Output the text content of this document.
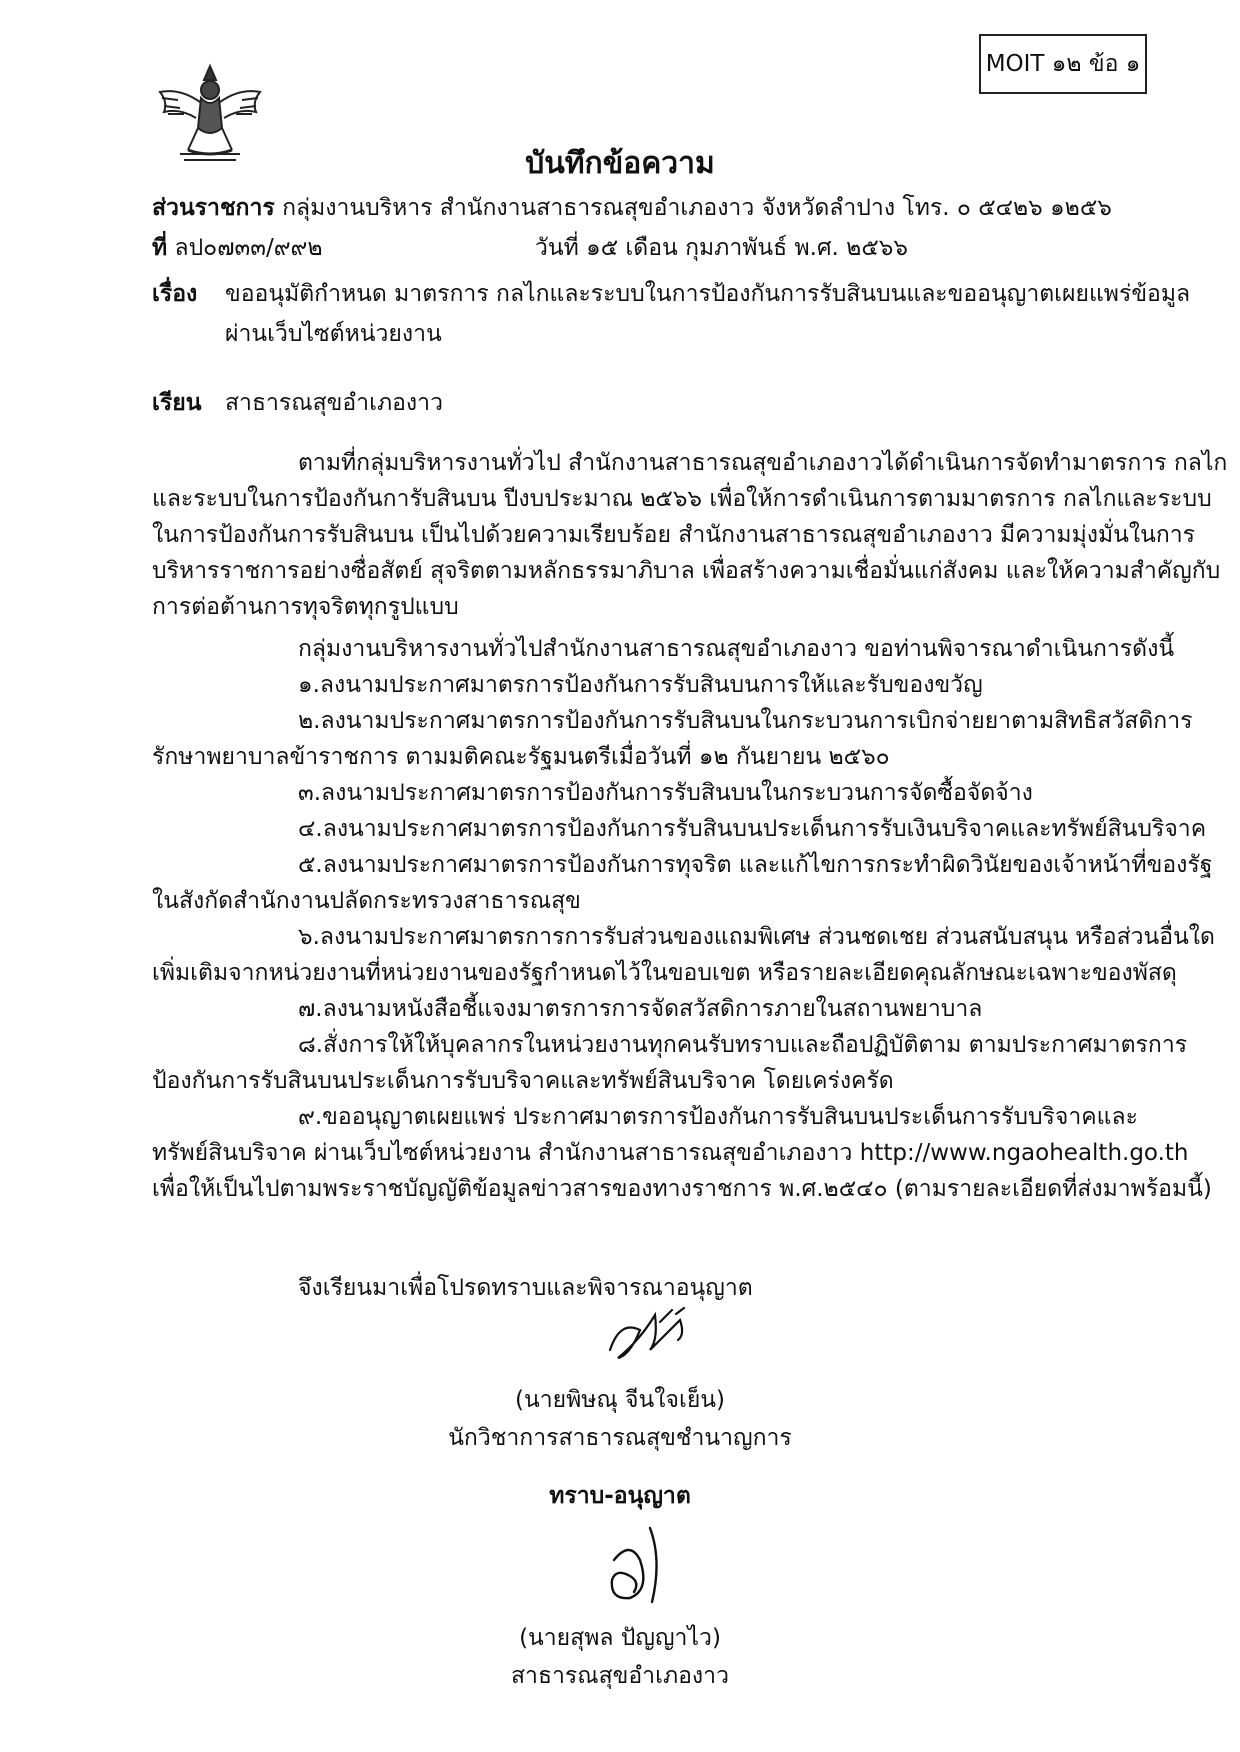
MOIT ๑๒ ข้อ ๑
บันทึกข้อความ
ส่วนราชการ กลุ่มงานบริหาร สำนักงานสาธารณสุขอำเภองาว จังหวัดลำปาง โทร. ๐ ๕๔๒๖ ๑๒๕๖
ที่ ลป๐๗๓๓/๙๙๒	วันที่ ๑๕ เดือน กุมภาพันธ์ พ.ศ. ๒๕๖๖
เรื่อง ขออนุมัติกำหนด มาตรการ กลไกและระบบในการป้องกันการรับสินบนและขออนุญาตเผยแพร่ข้อมูล
ผ่านเว็บไซต์หน่วยงาน
เรียน สาธารณสุขอำเภองาว
ตามที่กลุ่มบริหารงานทั่วไป สำนักงานสาธารณสุขอำเภองาวได้ดำเนินการจัดทำมาตรการ กลไก
และระบบในการป้องกันการับสินบน ปีงบประมาณ ๒๕๖๖ เพื่อให้การดำเนินการตามมาตรการ กลไกและระบบ
ในการป้องกันการรับสินบน เป็นไปด้วยความเรียบร้อย สำนักงานสาธารณสุขอำเภองาว มีความมุ่งมั่นในการ
บริหารราชการอย่างซื่อสัตย์ สุจริตตามหลักธรรมาภิบาล เพื่อสร้างความเชื่อมั่นแก่สังคม และให้ความสำคัญกับ
การต่อต้านการทุจริตทุกรูปแบบ
กลุ่มงานบริหารงานทั่วไปสำนักงานสาธารณสุขอำเภองาว ขอท่านพิจารณาดำเนินการดังนี้
๑.ลงนามประกาศมาตรการป้องกันการรับสินบนการให้และรับของขวัญ
๒.ลงนามประกาศมาตรการป้องกันการรับสินบนในกระบวนการเบิกจ่ายยาตามสิทธิสวัสดิการ
รักษาพยาบาลข้าราชการ ตามมติคณะรัฐมนตรีเมื่อวันที่ ๑๒ กันยายน ๒๕๖๐
๓.ลงนามประกาศมาตรการป้องกันการรับสินบนในกระบวนการจัดซื้อจัดจ้าง
๔.ลงนามประกาศมาตรการป้องกันการรับสินบนประเด็นการรับเงินบริจาคและทรัพย์สินบริจาค
๕.ลงนามประกาศมาตรการป้องกันการทุจริต และแก้ไขการกระทำผิดวินัยของเจ้าหน้าที่ของรัฐ
ในสังกัดสำนักงานปลัดกระทรวงสาธารณสุข
๖.ลงนามประกาศมาตรการการรับส่วนของแถมพิเศษ ส่วนชดเชย ส่วนสนับสนุน หรือส่วนอื่นใด
เพิ่มเติมจากหน่วยงานที่หน่วยงานของรัฐกำหนดไว้ในขอบเขต หรือรายละเอียดคุณลักษณะเฉพาะของพัสดุ
๗.ลงนามหนังสือชี้แจงมาตรการการจัดสวัสดิการภายในสถานพยาบาล
๘.สั่งการให้ให้บุคลากรในหน่วยงานทุกคนรับทราบและถือปฏิบัติตาม ตามประกาศมาตรการ
ป้องกันการรับสินบนประเด็นการรับบริจาคและทรัพย์สินบริจาค โดยเคร่งครัด
๙.ขออนุญาตเผยแพร่ ประกาศมาตรการป้องกันการรับสินบนประเด็นการรับบริจาคและ
ทรัพย์สินบริจาค ผ่านเว็บไซต์หน่วยงาน สำนักงานสาธารณสุขอำเภองาว http://www.ngaohealth.go.th
เพื่อให้เป็นไปตามพระราชบัญญัติข้อมูลข่าวสารของทางราชการ พ.ศ.๒๕๔๐ (ตามรายละเอียดที่ส่งมาพร้อมนี้)
จึงเรียนมาเพื่อโปรดทราบและพิจารณาอนุญาต
(นายพิษณุ จีนใจเย็น)
นักวิชาการสาธารณสุขชำนาญการ
ทราบ-อนุญาต
(นายสุพล ปัญญาไว)
สาธารณสุขอำเภองาว
